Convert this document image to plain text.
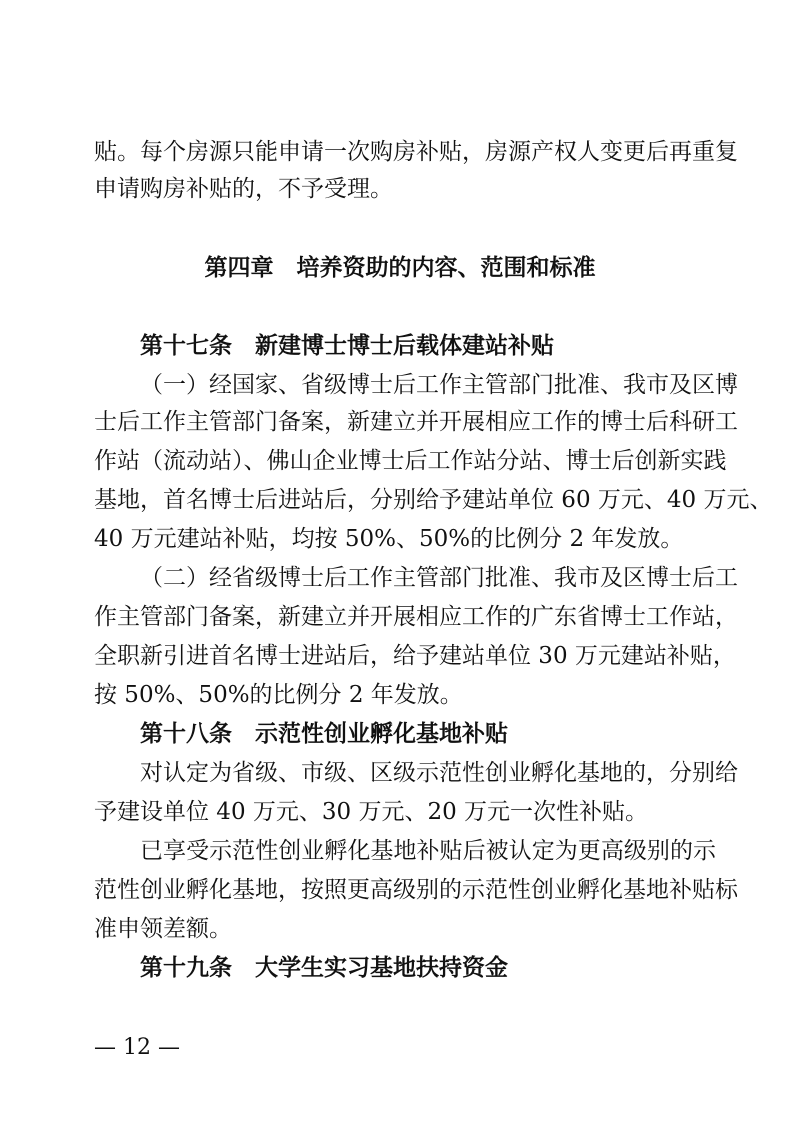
贴。每个房源只能申请一次购房补贴，房源产权人变更后再重复
申请购房补贴的，不予受理。
第四章　培养资助的内容、范围和标准
第十七条　新建博士博士后载体建站补贴
（一）经国家、省级博士后工作主管部门批准、我市及区博
士后工作主管部门备案，新建立并开展相应工作的博士后科研工
作站（流动站）、佛山企业博士后工作站分站、博士后创新实践
基地，首名博士后进站后，分别给予建站单位 60 万元、40 万元、
40 万元建站补贴，均按 50%、50%的比例分 2 年发放。
（二）经省级博士后工作主管部门批准、我市及区博士后工
作主管部门备案，新建立并开展相应工作的广东省博士工作站，
全职新引进首名博士进站后，给予建站单位 30 万元建站补贴，
按 50%、50%的比例分 2 年发放。
第十八条　示范性创业孵化基地补贴
对认定为省级、市级、区级示范性创业孵化基地的，分别给
予建设单位 40 万元、30 万元、20 万元一次性补贴。
已享受示范性创业孵化基地补贴后被认定为更高级别的示
范性创业孵化基地，按照更高级别的示范性创业孵化基地补贴标
准申领差额。
第十九条　大学生实习基地扶持资金
— 12 —
